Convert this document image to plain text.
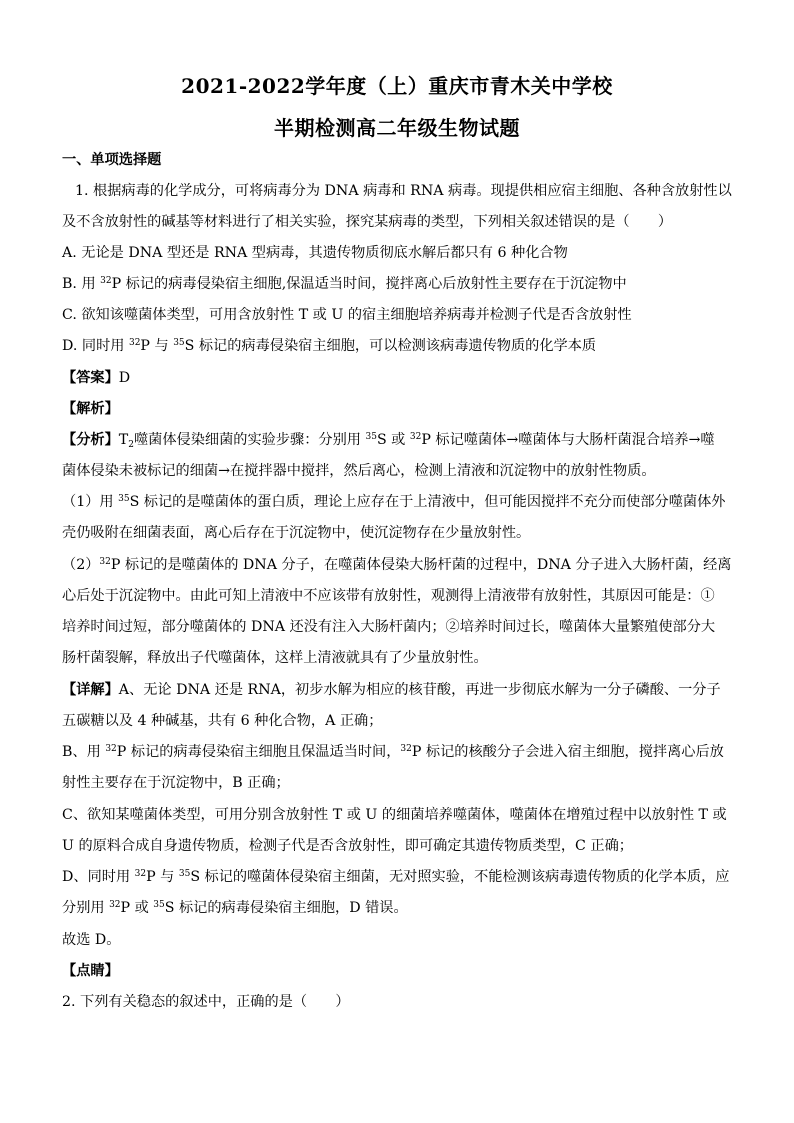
2021-2022学年度（上）重庆市青木关中学校
半期检测高二年级生物试题
一、单项选择题
1. 根据病毒的化学成分，可将病毒分为 DNA 病毒和 RNA 病毒。现提供相应宿主细胞、各种含放射性以
及不含放射性的碱基等材料进行了相关实验，探究某病毒的类型，下列相关叙述错误的是（　　）
A. 无论是 DNA 型还是 RNA 型病毒，其遗传物质彻底水解后都只有 6 种化合物
B. 用 $^{32}$P 标记的病毒侵染宿主细胞,保温适当时间，搅拌离心后放射性主要存在于沉淀物中
C. 欲知该噬菌体类型，可用含放射性 T 或 U 的宿主细胞培养病毒并检测子代是否含放射性
D. 同时用 $^{32}$P 与 $^{35}$S 标记的病毒侵染宿主细胞，可以检测该病毒遗传物质的化学本质
【答案】D
【解析】
【分析】$T_2$噬菌体侵染细菌的实验步骤：分别用 $^{35}$S 或 $^{32}$P 标记噬菌体→噬菌体与大肠杆菌混合培养→噬
菌体侵染未被标记的细菌→在搅拌器中搅拌，然后离心，检测上清液和沉淀物中的放射性物质。
（1）用 $^{35}$S 标记的是噬菌体的蛋白质，理论上应存在于上清液中，但可能因搅拌不充分而使部分噬菌体外
壳仍吸附在细菌表面，离心后存在于沉淀物中，使沉淀物存在少量放射性。
$(2)^{32}P$ 标记的是噬菌体的 DNA 分子，在噬菌体侵染大肠杆菌的过程中，DNA 分子进入大肠杆菌，经离
心后处于沉淀物中。由此可知上清液中不应该带有放射性，观测得上清液带有放射性，其原因可能是：①
培养时间过短，部分噬菌体的 DNA 还没有注入大肠杆菌内；②培养时间过长，噬菌体大量繁殖使部分大
肠杆菌裂解，释放出子代噬菌体，这样上清液就具有了少量放射性。
【详解】A、无论 DNA 还是 RNA，初步水解为相应的核苷酸，再进一步彻底水解为一分子磷酸、一分子
五碳糖以及 4 种碱基，共有 6 种化合物，A 正确；
B、用 $^{32}$P 标记的病毒侵染宿主细胞且保温适当时间，$^{32}$P 标记的核酸分子会进入宿主细胞，搅拌离心后放
射性主要存在于沉淀物中，B 正确；
C、欲知某噬菌体类型，可用分别含放射性 T 或 U 的细菌培养噬菌体，噬菌体在增殖过程中以放射性 T 或
U 的原料合成自身遗传物质，检测子代是否含放射性，即可确定其遗传物质类型，C 正确；
D、同时用 $^{32}$P 与 $^{35}$S 标记的噬菌体侵染宿主细菌，无对照实验，不能检测该病毒遗传物质的化学本质，应
分别用 $^{32}$P 或 $^{35}$S 标记的病毒侵染宿主细胞，D 错误。
故选 D。
【点睛】
2. 下列有关稳态的叙述中，正确的是（　　）
